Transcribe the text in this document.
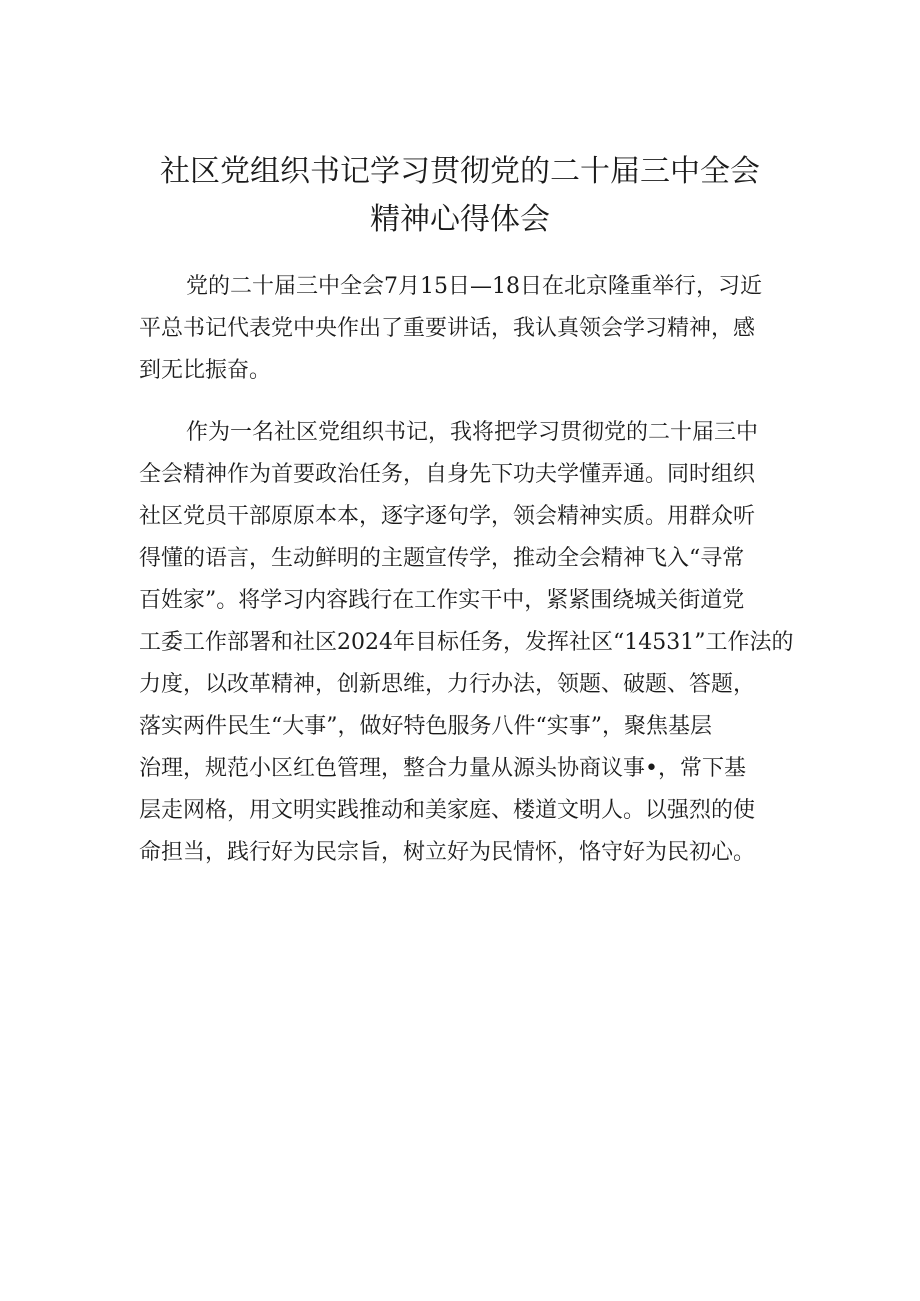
社区党组织书记学习贯彻党的二十届三中全会
精神心得体会
党的二十届三中全会7月15日—18日在北京隆重举行，习近
平总书记代表党中央作出了重要讲话，我认真领会学习精神，感
到无比振奋。
作为一名社区党组织书记，我将把学习贯彻党的二十届三中
全会精神作为首要政治任务，自身先下功夫学懂弄通。同时组织
社区党员干部原原本本，逐字逐句学，领会精神实质。用群众听
得懂的语言，生动鲜明的主题宣传学，推动全会精神飞入“寻常
百姓家”。将学习内容践行在工作实干中，紧紧围绕城关街道党
工委工作部署和社区2024年目标任务，发挥社区“14531”工作法的
力度，以改革精神，创新思维，力行办法，领题、破题、答题，
落实两件民生“大事”，做好特色服务八件“实事”，聚焦基层
治理，规范小区红色管理，整合力量从源头协商议事•，常下基
层走网格，用文明实践推动和美家庭、楼道文明人。以强烈的使
命担当，践行好为民宗旨，树立好为民情怀，恪守好为民初心。
